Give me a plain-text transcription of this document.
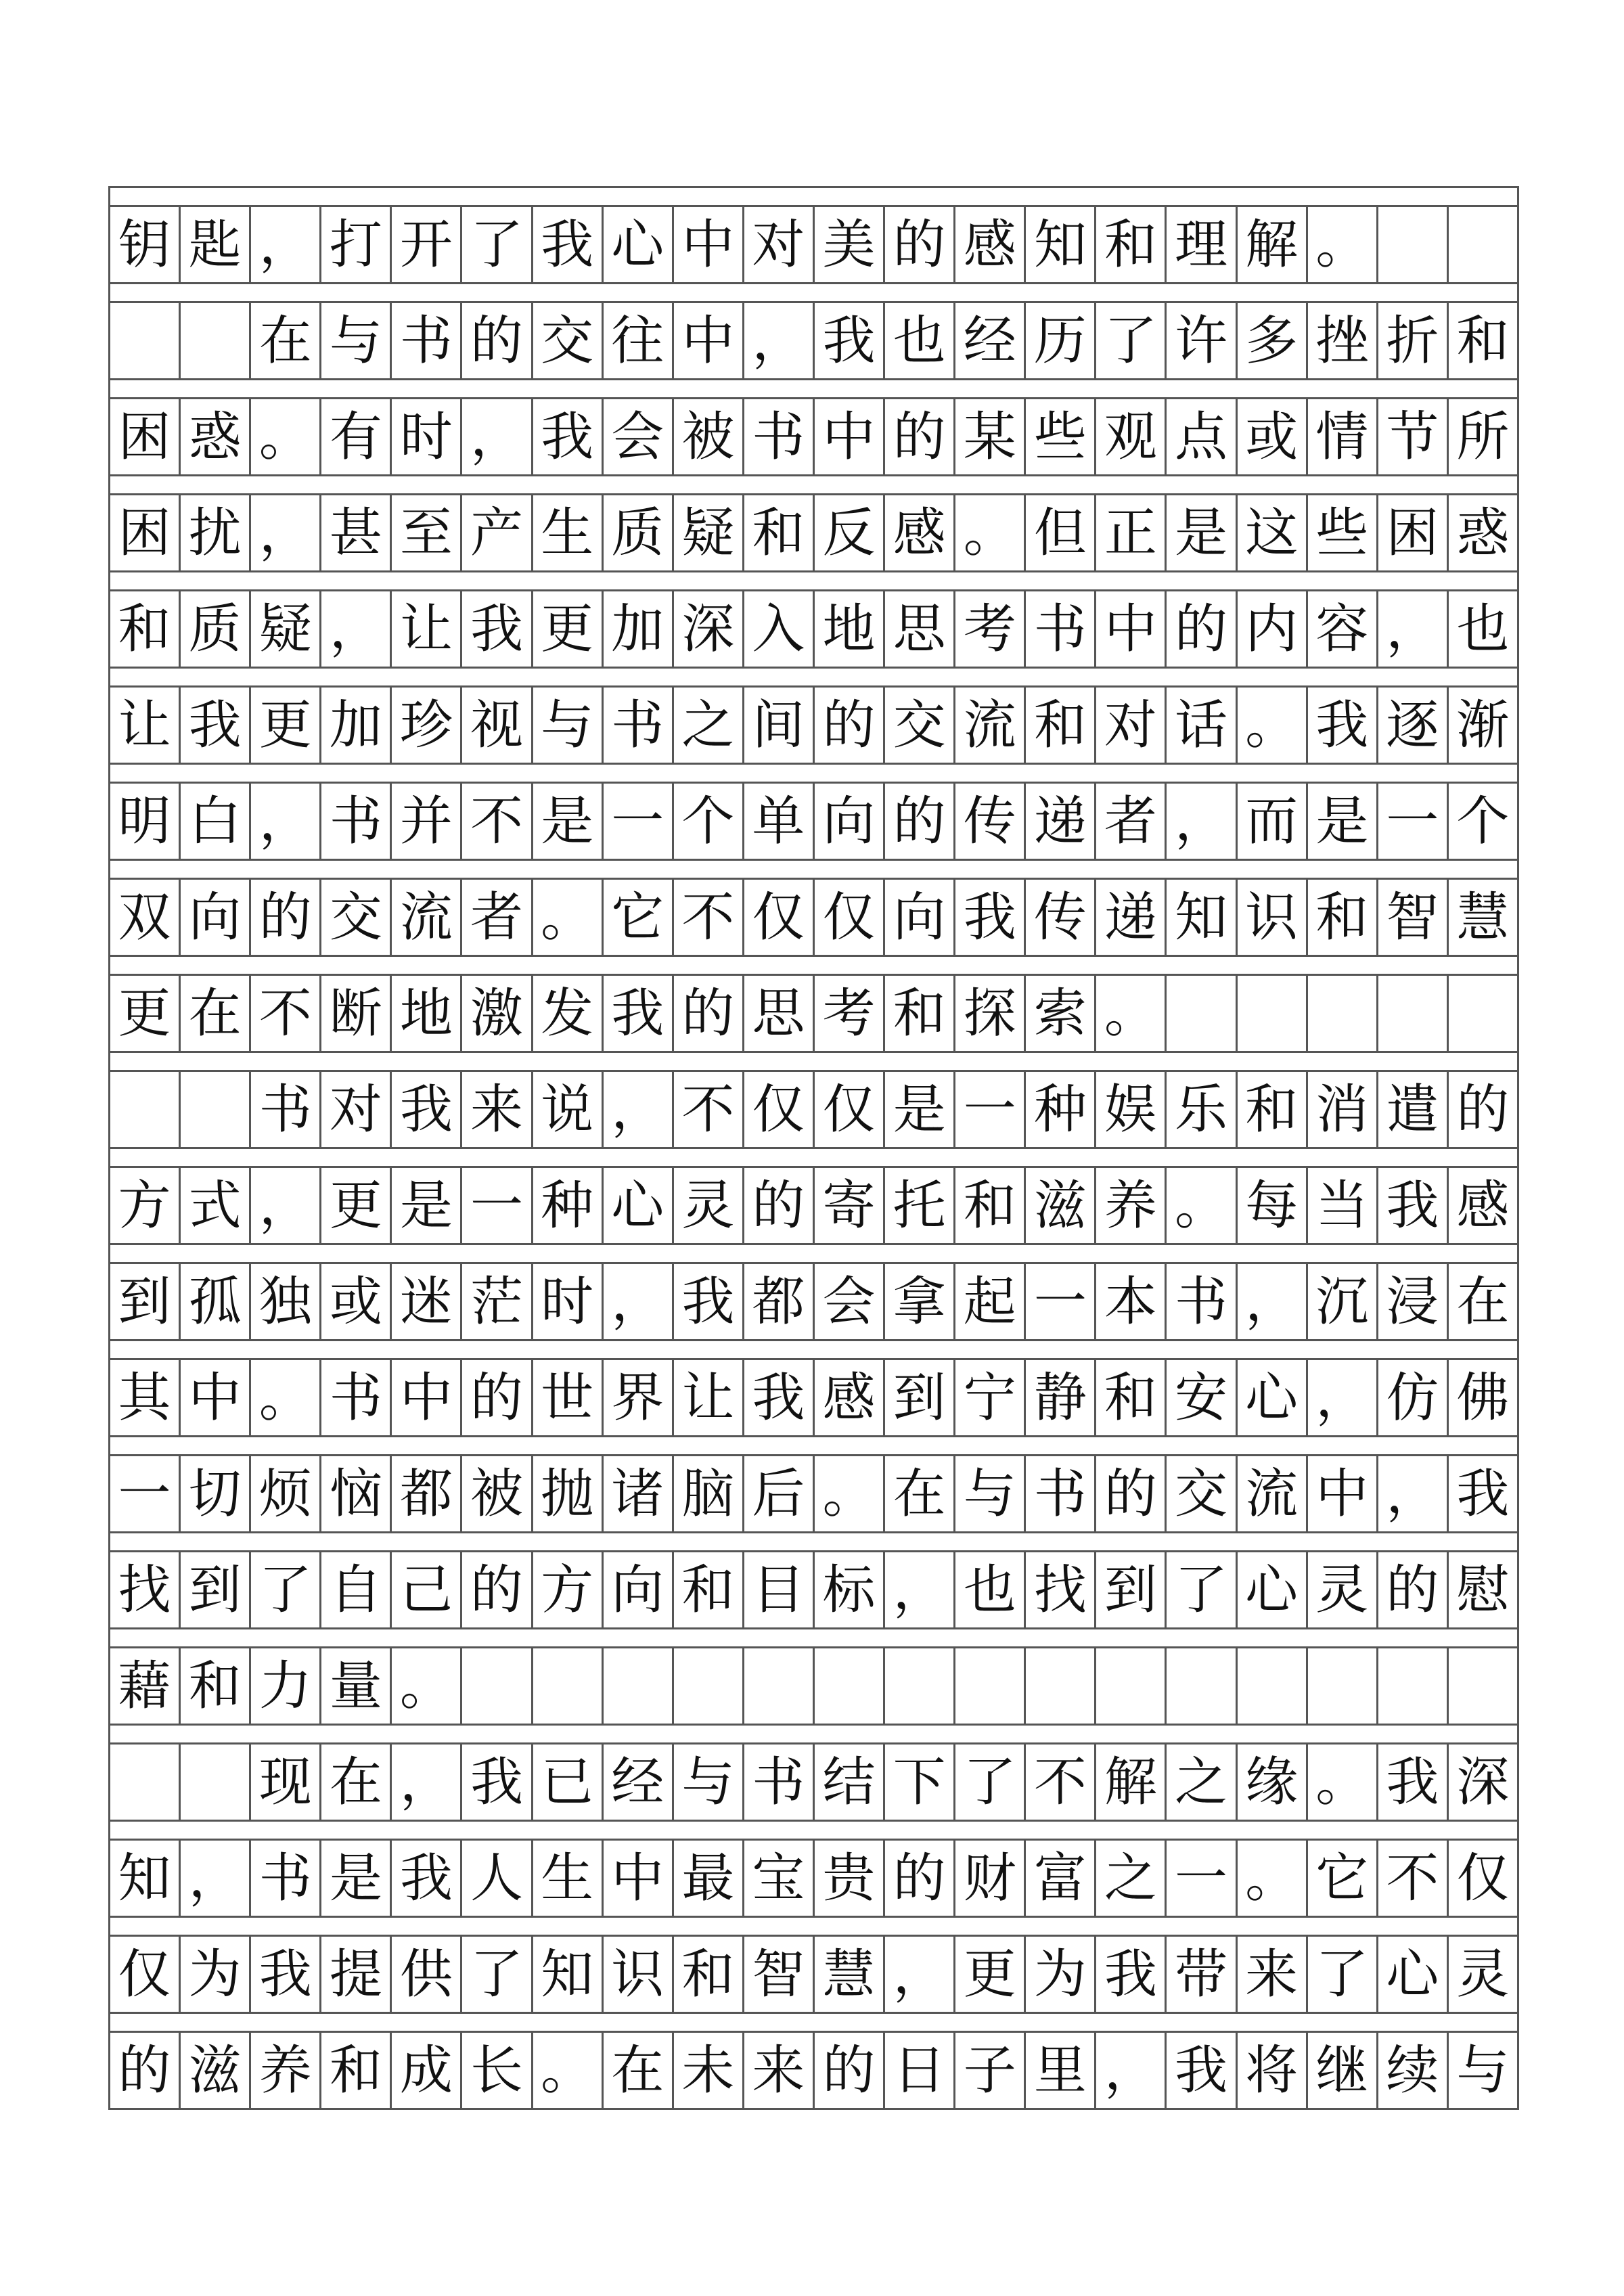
钥 匙 ， 打 开 了 我 心 中 对 美 的 感 知 和 理 解 。
在 与 书 的 交 往 中 ， 我 也 经 历 了 许 多 挫 折 和
困 惑 。 有 时 ， 我 会 被 书 中 的 某 些 观 点 或 情 节 所
困 扰 ， 甚 至 产 生 质 疑 和 反 感 。 但 正 是 这 些 困 惑
和 质 疑 ， 让 我 更 加 深 入 地 思 考 书 中 的 内 容 ， 也
让 我 更 加 珍 视 与 书 之 间 的 交 流 和 对 话 。 我 逐 渐
明 白 ， 书 并 不 是 一 个 单 向 的 传 递 者 ， 而 是 一 个
双 向 的 交 流 者 。 它 不 仅 仅 向 我 传 递 知 识 和 智 慧
更 在 不 断 地 激 发 我 的 思 考 和 探 索 。
书 对 我 来 说 ， 不 仅 仅 是 一 种 娱 乐 和 消 遣 的
方 式 ， 更 是 一 种 心 灵 的 寄 托 和 滋 养 。 每 当 我 感
到 孤 独 或 迷 茫 时 ， 我 都 会 拿 起 一 本 书 ， 沉 浸 在
其 中 。 书 中 的 世 界 让 我 感 到 宁 静 和 安 心 ， 仿 佛
一 切 烦 恼 都 被 抛 诸 脑 后 。 在 与 书 的 交 流 中 ， 我
找 到 了 自 己 的 方 向 和 目 标 ， 也 找 到 了 心 灵 的 慰
藉 和 力 量 。
现 在 ， 我 已 经 与 书 结 下 了 不 解 之 缘 。 我 深
知 ， 书 是 我 人 生 中 最 宝 贵 的 财 富 之 一 。 它 不 仅
仅 为 我 提 供 了 知 识 和 智 慧 ， 更 为 我 带 来 了 心 灵
的 滋 养 和 成 长 。 在 未 来 的 日 子 里 ， 我 将 继 续 与
